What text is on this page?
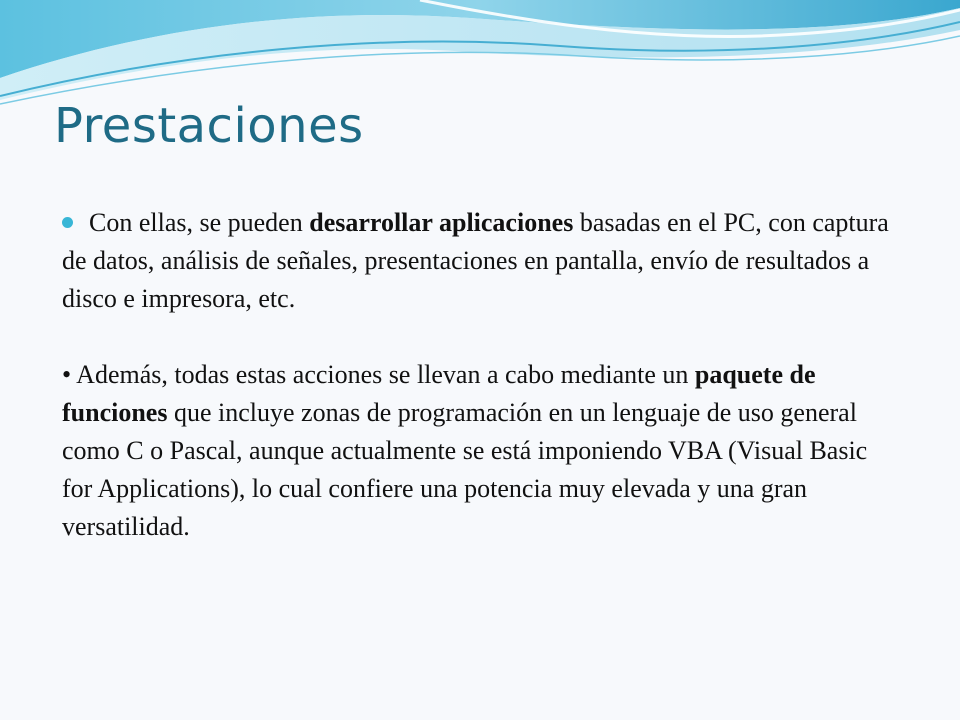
Prestaciones

Con ellas, se pueden desarrollar aplicaciones basadas en el PC, con captura de datos, análisis de señales, presentaciones en pantalla, envío de resultados a disco e impresora, etc.

• Además, todas estas acciones se llevan a cabo mediante un paquete de funciones que incluye zonas de programación en un lenguaje de uso general como C o Pascal, aunque actualmente se está imponiendo VBA (Visual Basic for Applications), lo cual confiere una potencia muy elevada y una gran versatilidad.
